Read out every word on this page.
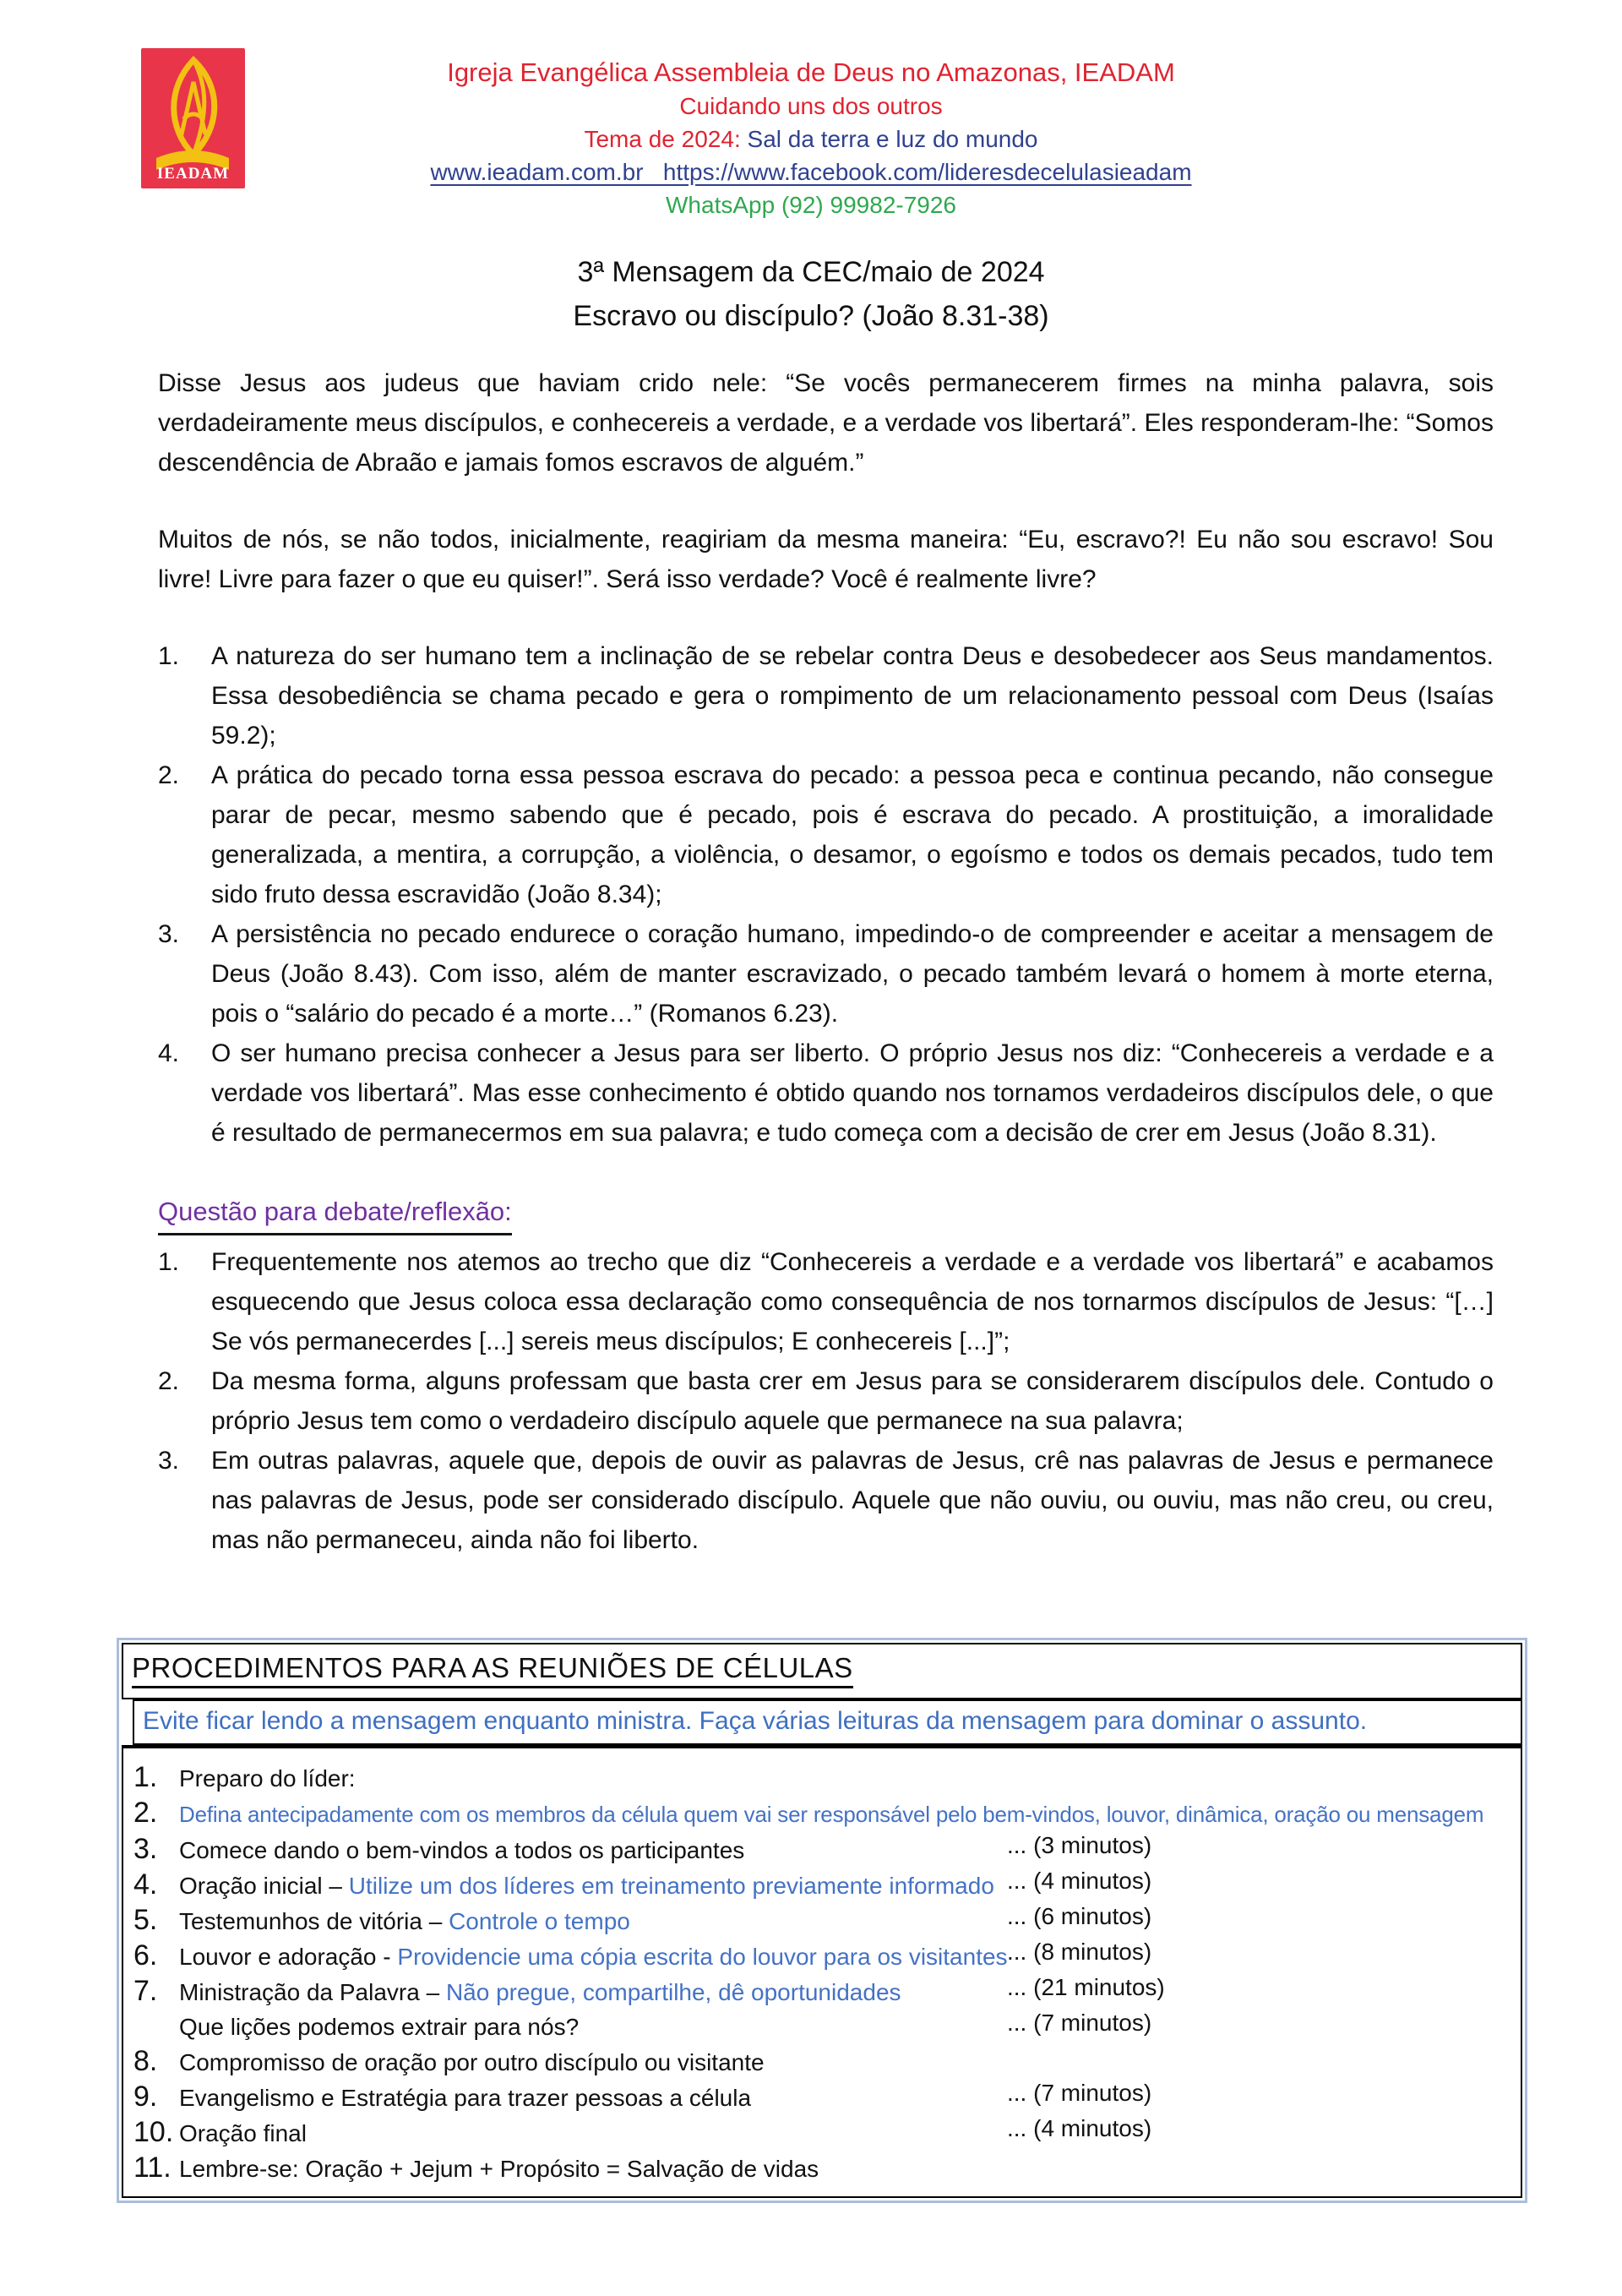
IEADAM
Igreja Evangélica Assembleia de Deus no Amazonas, IEADAM
Cuidando uns dos outros
Tema de 2024: Sal da terra e luz do mundo
www.ieadam.com.br   https://www.facebook.com/lideresdecelulasieadam
WhatsApp (92) 99982-7926
3ª Mensagem da CEC/maio de 2024
Escravo ou discípulo? (João 8.31-38)

Disse Jesus aos judeus que haviam crido nele: “Se vocês permanecerem firmes na minha palavra, sois verdadeiramente meus discípulos, e conhecereis a verdade, e a verdade vos libertará”. Eles responderam-lhe: “Somos descendência de Abraão e jamais fomos escravos de alguém.”

Muitos de nós, se não todos, inicialmente, reagiriam da mesma maneira: “Eu, escravo?! Eu não sou escravo! Sou livre! Livre para fazer o que eu quiser!”. Será isso verdade? Você é realmente livre?

1.	A natureza do ser humano tem a inclinação de se rebelar contra Deus e desobedecer aos Seus mandamentos. Essa desobediência se chama pecado e gera o rompimento de um relacionamento pessoal com Deus (Isaías 59.2);
2.	A prática do pecado torna essa pessoa escrava do pecado: a pessoa peca e continua pecando, não consegue parar de pecar, mesmo sabendo que é pecado, pois é escrava do pecado. A prostituição, a imoralidade generalizada, a mentira, a corrupção, a violência, o desamor, o egoísmo e todos os demais pecados, tudo tem sido fruto dessa escravidão (João 8.34);
3.	A persistência no pecado endurece o coração humano, impedindo-o de compreender e aceitar a mensagem de Deus (João 8.43). Com isso, além de manter escravizado, o pecado também levará o homem à morte eterna, pois o “salário do pecado é a morte…” (Romanos 6.23).
4.	O ser humano precisa conhecer a Jesus para ser liberto. O próprio Jesus nos diz: “Conhecereis a verdade e a verdade vos libertará”. Mas esse conhecimento é obtido quando nos tornamos verdadeiros discípulos dele, o que é resultado de permanecermos em sua palavra; e tudo começa com a decisão de crer em Jesus (João 8.31).
Questão para debate/reflexão:
1.	Frequentemente nos atemos ao trecho que diz “Conhecereis a verdade e a verdade vos libertará” e acabamos esquecendo que Jesus coloca essa declaração como consequência de nos tornarmos discípulos de Jesus: “[…] Se vós permanecerdes [...] sereis meus discípulos; E conhecereis [...]”;
2.	Da mesma forma, alguns professam que basta crer em Jesus para se considerarem discípulos dele. Contudo o próprio Jesus tem como o verdadeiro discípulo aquele que permanece na sua palavra;
3.	Em outras palavras, aquele que, depois de ouvir as palavras de Jesus, crê nas palavras de Jesus e permanece nas palavras de Jesus, pode ser considerado discípulo. Aquele que não ouviu, ou ouviu, mas não creu, ou creu, mas não permaneceu, ainda não foi liberto.
PROCEDIMENTOS PARA AS REUNIÕES DE CÉLULAS
Evite ficar lendo a mensagem enquanto ministra. Faça várias leituras da mensagem para dominar o assunto.
1. Preparo do líder:
2. Defina antecipadamente com os membros da célula quem vai ser responsável pelo bem-vindos, louvor, dinâmica, oração ou mensagem
3. Comece dando o bem-vindos a todos os participantes	... (3 minutos)
4. Oração inicial – Utilize um dos líderes em treinamento previamente informado ... (4 minutos)
5. Testemunhos de vitória – Controle o tempo	... (6 minutos)
6. Louvor e adoração - Providencie uma cópia escrita do louvor para os visitantes ... (8 minutos)
7. Ministração da Palavra – Não pregue, compartilhe, dê oportunidades	... (21 minutos)
Que lições podemos extrair para nós?	... (7 minutos)
8. Compromisso de oração por outro discípulo ou visitante
9. Evangelismo e Estratégia para trazer pessoas a célula	... (7 minutos)
10. Oração final	... (4 minutos)
11. Lembre-se: Oração + Jejum + Propósito = Salvação de vidas
